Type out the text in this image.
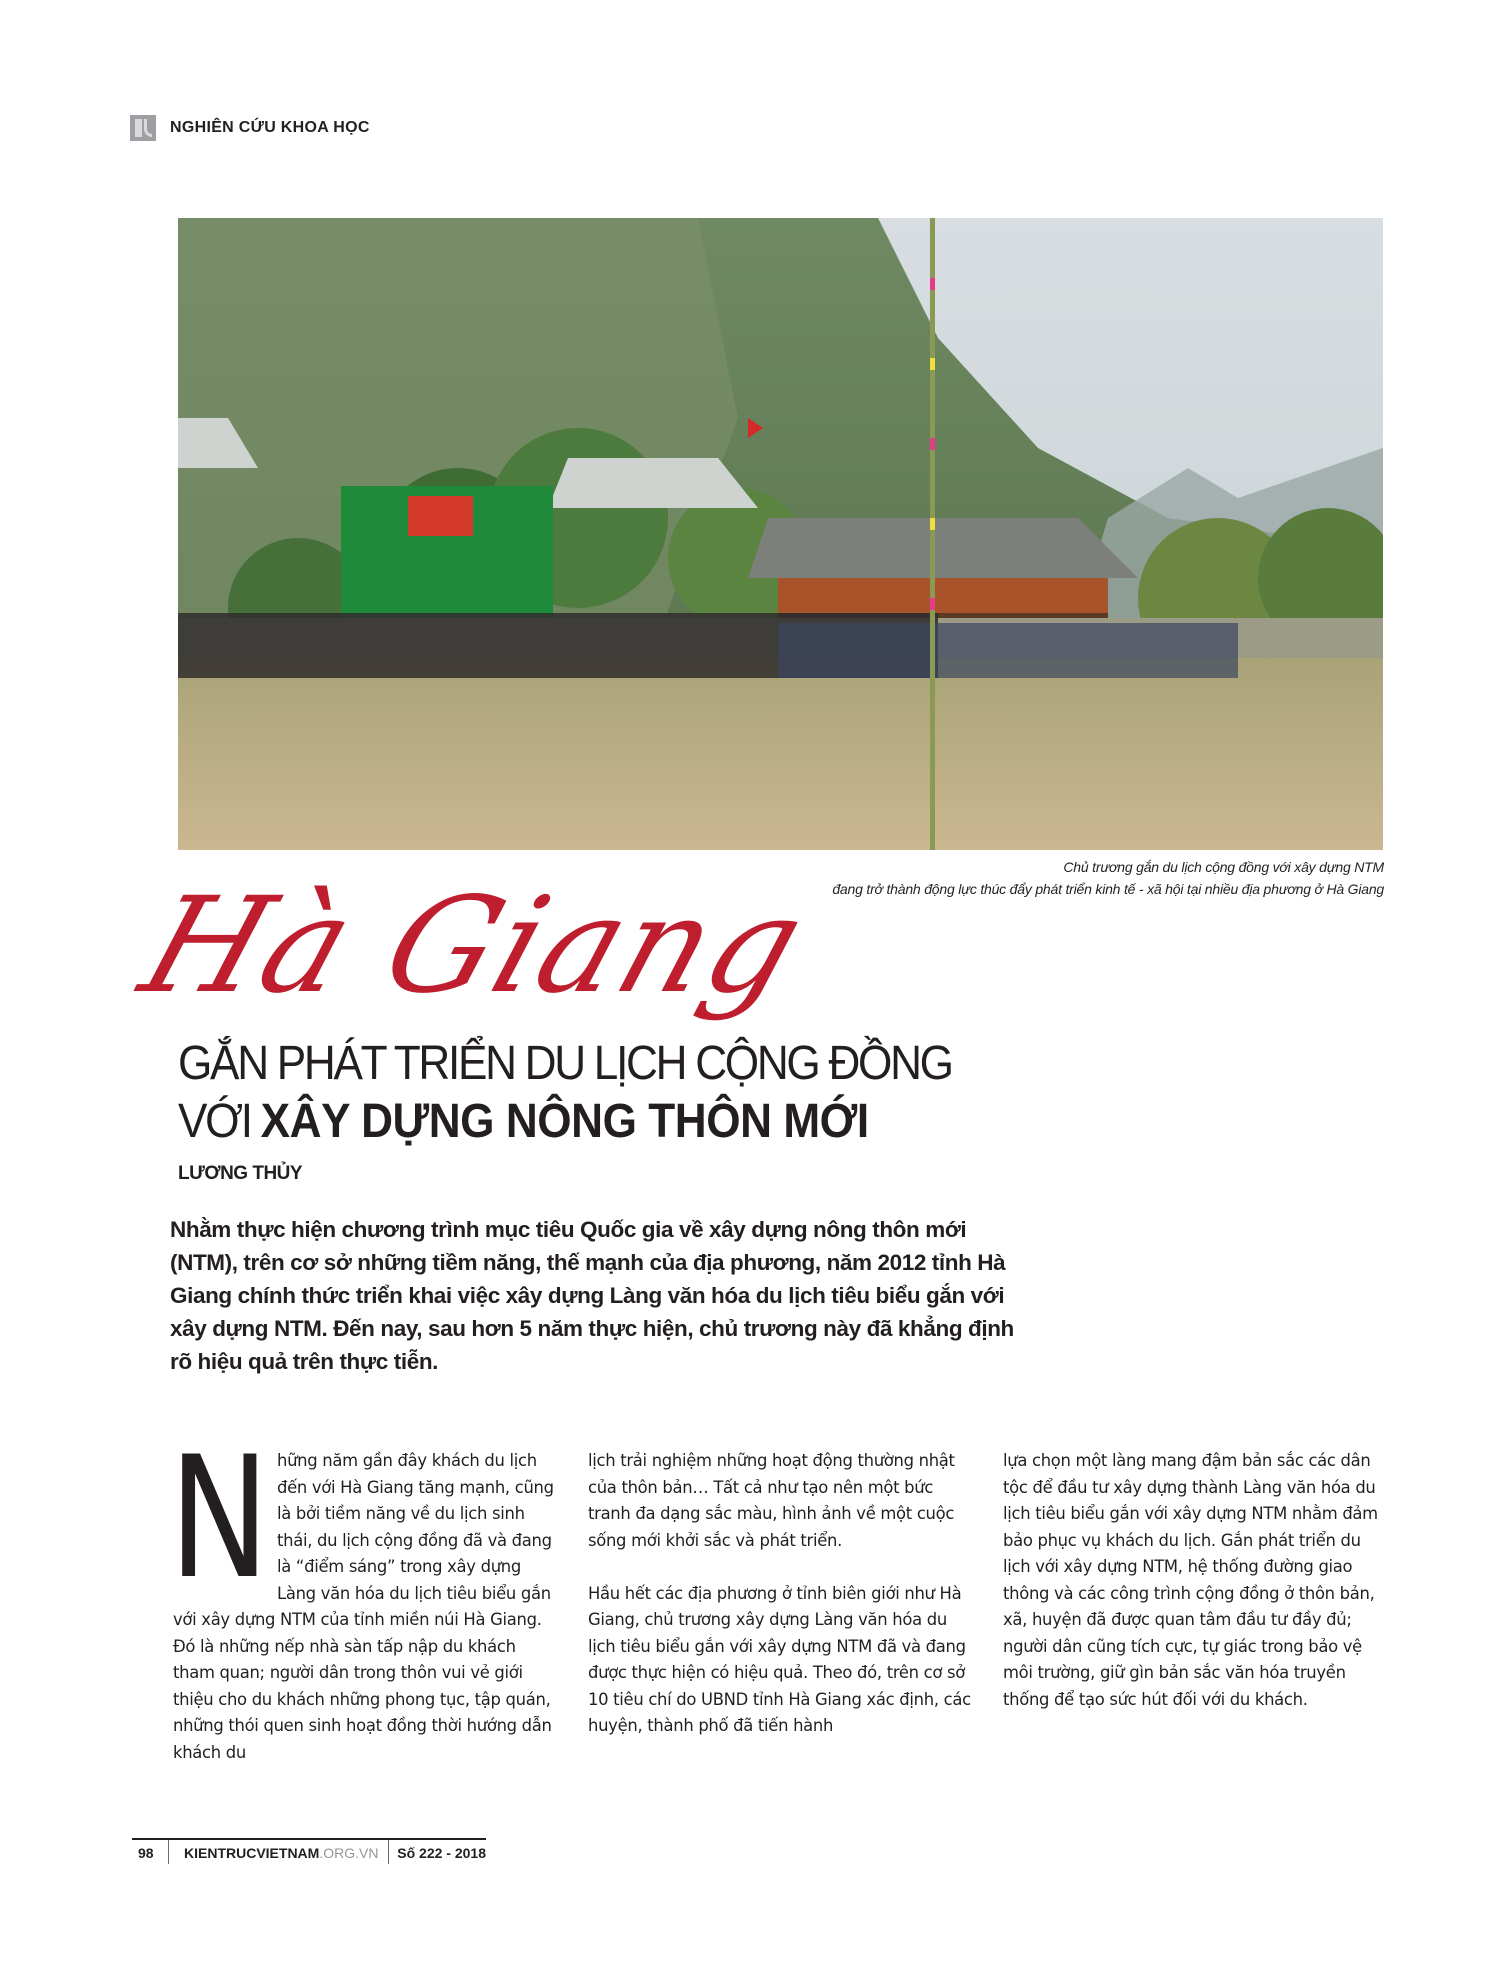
NGHIÊN CỨU KHOA HỌC
Chủ trương gắn du lịch cộng đồng với xây dựng NTM
đang trở thành động lực thúc đẩy phát triển kinh tế - xã hội tại nhiều địa phương ở Hà Giang
Hà Giang
GẮN PHÁT TRIỂN DU LỊCH CỘNG ĐỒNG
VỚI XÂY DỰNG NÔNG THÔN MỚI
LƯƠNG THỦY

Nhằm thực hiện chương trình mục tiêu Quốc gia về xây dựng nông thôn mới (NTM), trên cơ sở những tiềm năng, thế mạnh của địa phương, năm 2012 tỉnh Hà Giang chính thức triển khai việc xây dựng Làng văn hóa du lịch tiêu biểu gắn với xây dựng NTM. Đến nay, sau hơn 5 năm thực hiện, chủ trương này đã khẳng định rõ hiệu quả trên thực tiễn.

N hững năm gần đây khách du lịch đến với Hà Giang tăng mạnh, cũng là bởi tiềm năng về du lịch sinh thái, du lịch cộng đồng đã và đang là “điểm sáng” trong xây dựng Làng văn hóa du lịch tiêu biểu gắn với xây dựng NTM của tỉnh miền núi Hà Giang. Đó là những nếp nhà sàn tấp nập du khách tham quan; người dân trong thôn vui vẻ giới thiệu cho du khách những phong tục, tập quán, những thói quen sinh hoạt đồng thời hướng dẫn khách du

lịch trải nghiệm những hoạt động thường nhật của thôn bản… Tất cả như tạo nên một bức tranh đa dạng sắc màu, hình ảnh về một cuộc sống mới khởi sắc và phát triển.

Hầu hết các địa phương ở tỉnh biên giới như Hà Giang, chủ trương xây dựng Làng văn hóa du lịch tiêu biểu gắn với xây dựng NTM đã và đang được thực hiện có hiệu quả. Theo đó, trên cơ sở 10 tiêu chí do UBND tỉnh Hà Giang xác định, các huyện, thành phố đã tiến hành

lựa chọn một làng mang đậm bản sắc các dân tộc để đầu tư xây dựng thành Làng văn hóa du lịch tiêu biểu gắn với xây dựng NTM nhằm đảm bảo phục vụ khách du lịch. Gắn phát triển du lịch với xây dựng NTM, hệ thống đường giao thông và các công trình cộng đồng ở thôn bản, xã, huyện đã được quan tâm đầu tư đầy đủ; người dân cũng tích cực, tự giác trong bảo vệ môi trường, giữ gìn bản sắc văn hóa truyền thống để tạo sức hút đối với du khách.

98	KIENTRUCVIETNAM.ORG.VN	Số 222 - 2018
